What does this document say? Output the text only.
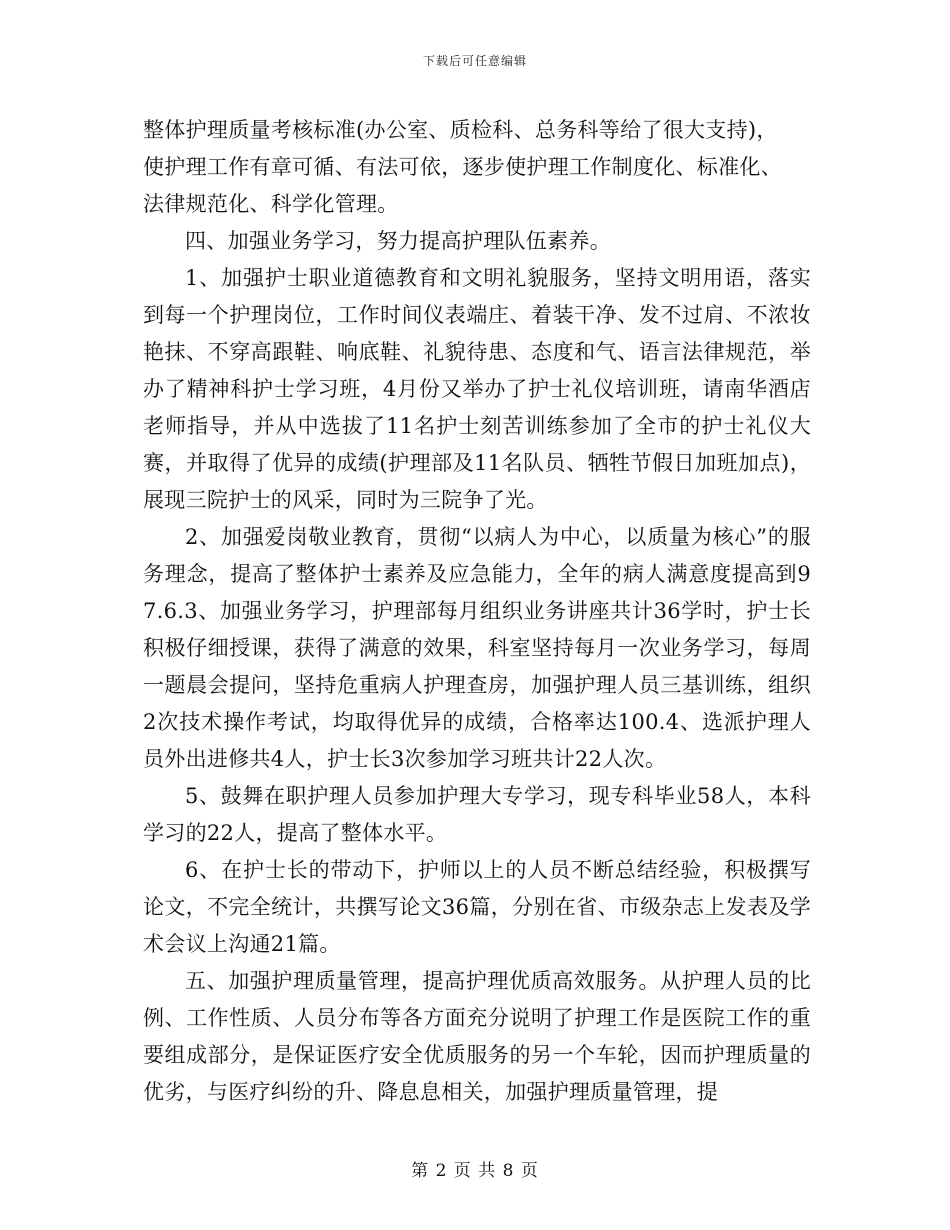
下载后可任意编辑
整体护理质量考核标准(办公室、质检科、总务科等给了很大支持)，
使护理工作有章可循、有法可依，逐步使护理工作制度化、标准化、
法律规范化、科学化管理。

四、加强业务学习，努力提高护理队伍素养。

1、加强护士职业道德教育和文明礼貌服务，坚持文明用语，落实到每一个护理岗位，工作时间仪表端庄、着装干净、发不过肩、不浓妆艳抹、不穿高跟鞋、响底鞋、礼貌待患、态度和气、语言法律规范，举办了精神科护士学习班，4月份又举办了护士礼仪培训班，请南华酒店老师指导，并从中选拔了11名护士刻苦训练参加了全市的护士礼仪大赛，并取得了优异的成绩(护理部及11名队员、牺牲节假日加班加点)，展现三院护士的风采，同时为三院争了光。

2、加强爱岗敬业教育，贯彻“以病人为中心，以质量为核心”的服务理念，提高了整体护士素养及应急能力，全年的病人满意度提高到97.6.3、加强业务学习，护理部每月组织业务讲座共计36学时，护士长积极仔细授课，获得了满意的效果，科室坚持每月一次业务学习，每周一题晨会提问，坚持危重病人护理查房，加强护理人员三基训练，组织2次技术操作考试，均取得优异的成绩，合格率达100.4、选派护理人员外出进修共4人，护士长3次参加学习班共计22人次。

5、鼓舞在职护理人员参加护理大专学习，现专科毕业58人，本科学习的22人，提高了整体水平。

6、在护士长的带动下，护师以上的人员不断总结经验，积极撰写论文，不完全统计，共撰写论文36篇，分别在省、市级杂志上发表及学术会议上沟通21篇。

五、加强护理质量管理，提高护理优质高效服务。从护理人员的比例、工作性质、人员分布等各方面充分说明了护理工作是医院工作的重要组成部分，是保证医疗安全优质服务的另一个车轮，因而护理质量的优劣，与医疗纠纷的升、降息息相关，加强护理质量管理，提

第 2 页 共 8 页
